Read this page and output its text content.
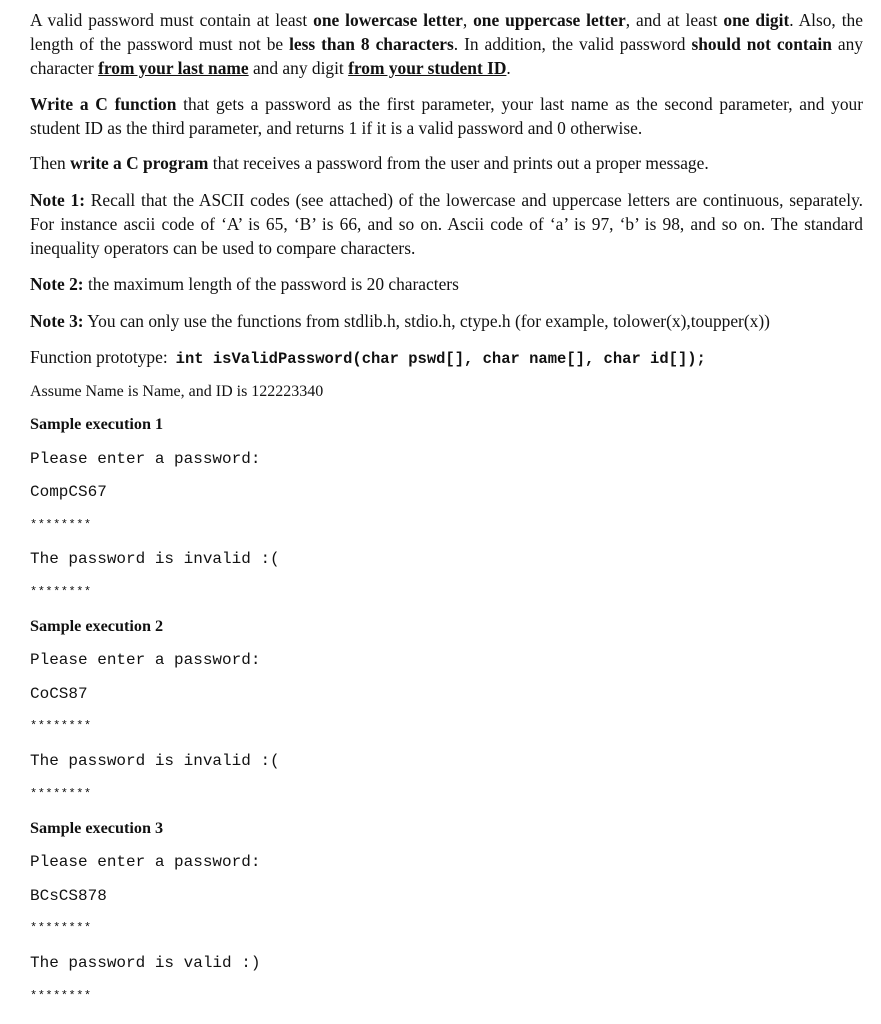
A valid password must contain at least one lowercase letter, one uppercase letter, and at least one digit. Also, the length of the password must not be less than 8 characters. In addition, the valid password should not contain any character from your last name and any digit from your student ID.

Write a C function that gets a password as the first parameter, your last name as the second parameter, and your student ID as the third parameter, and returns 1 if it is a valid password and 0 otherwise.

Then write a C program that receives a password from the user and prints out a proper message.

Note 1: Recall that the ASCII codes (see attached) of the lowercase and uppercase letters are continuous, separately. For instance ascii code of ‘A’ is 65, ‘B’ is 66, and so on. Ascii code of ‘a’ is 97, ‘b’ is 98, and so on. The standard inequality operators can be used to compare characters.

Note 2: the maximum length of the password is 20 characters

Note 3: You can only use the functions from stdlib.h, stdio.h, ctype.h (for example, tolower(x),toupper(x))

Function prototype: int isValidPassword(char pswd[], char name[], char id[]);
Assume Name is Name, and ID is 122223340
Sample execution 1
Please enter a password:
CompCS67
********
The password is invalid :(
********
Sample execution 2
Please enter a password:
CoCS87
********
The password is invalid :(
********
Sample execution 3
Please enter a password:
BCsCS878
********
The password is valid :)
********
